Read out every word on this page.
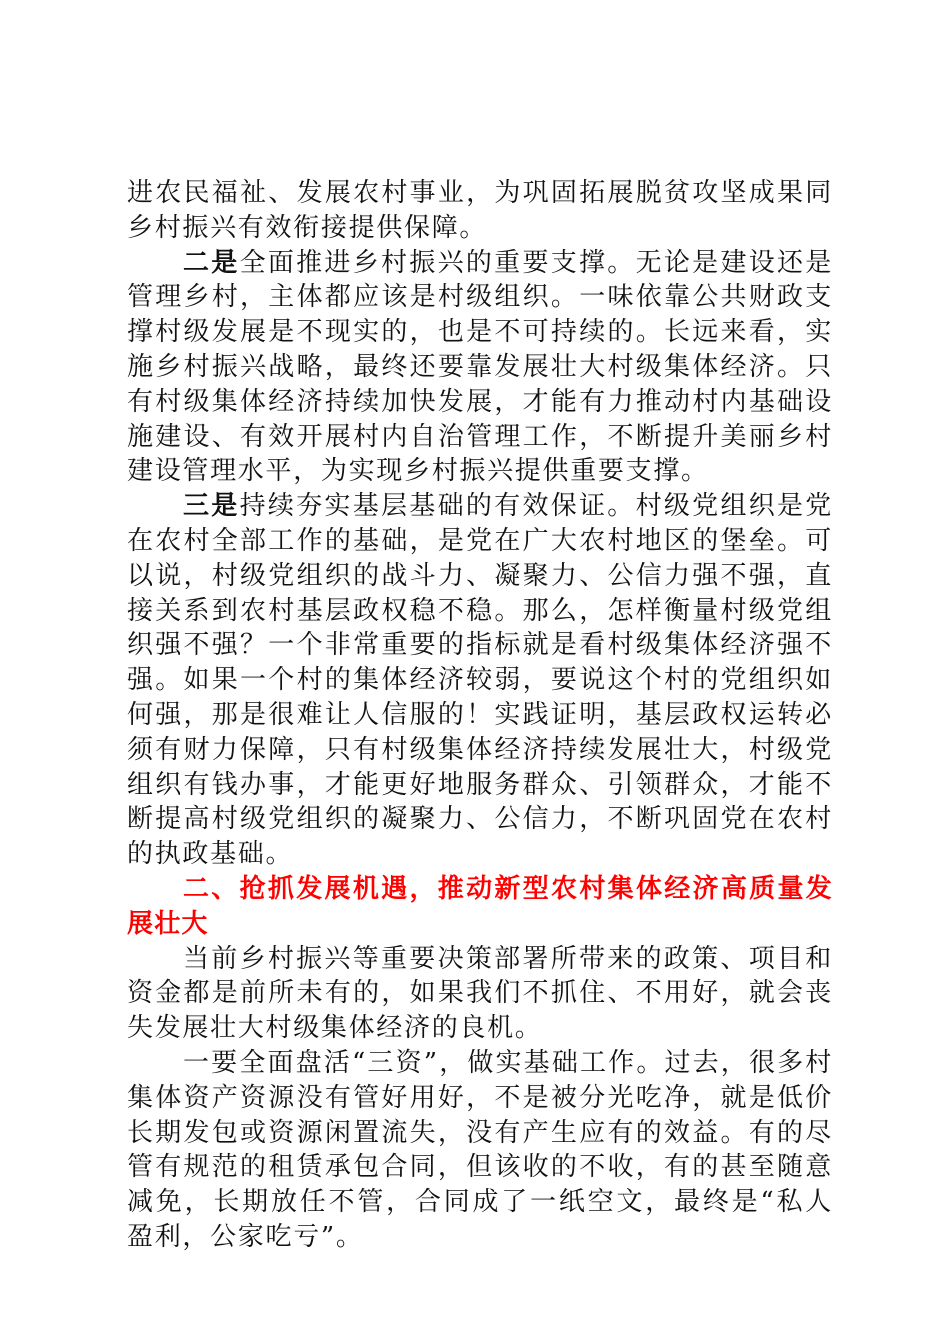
进农民福祉、发展农村事业，为巩固拓展脱贫攻坚成果同乡村振兴有效衔接提供保障。

二是全面推进乡村振兴的重要支撑。无论是建设还是管理乡村，主体都应该是村级组织。一味依靠公共财政支撑村级发展是不现实的，也是不可持续的。长远来看，实施乡村振兴战略，最终还要靠发展壮大村级集体经济。只有村级集体经济持续加快发展，才能有力推动村内基础设施建设、有效开展村内自治管理工作，不断提升美丽乡村建设管理水平，为实现乡村振兴提供重要支撑。

三是持续夯实基层基础的有效保证。村级党组织是党在农村全部工作的基础，是党在广大农村地区的堡垒。可以说，村级党组织的战斗力、凝聚力、公信力强不强，直接关系到农村基层政权稳不稳。那么，怎样衡量村级党组织强不强？一个非常重要的指标就是看村级集体经济强不强。如果一个村的集体经济较弱，要说这个村的党组织如何强，那是很难让人信服的！实践证明，基层政权运转必须有财力保障，只有村级集体经济持续发展壮大，村级党组织有钱办事，才能更好地服务群众、引领群众，才能不断提高村级党组织的凝聚力、公信力，不断巩固党在农村的执政基础。

二、抢抓发展机遇，推动新型农村集体经济高质量发展壮大

当前乡村振兴等重要决策部署所带来的政策、项目和资金都是前所未有的，如果我们不抓住、不用好，就会丧失发展壮大村级集体经济的良机。

一要全面盘活“三资”，做实基础工作。过去，很多村集体资产资源没有管好用好，不是被分光吃净，就是低价长期发包或资源闲置流失，没有产生应有的效益。有的尽管有规范的租赁承包合同，但该收的不收，有的甚至随意减免，长期放任不管，合同成了一纸空文，最终是“私人盈利，公家吃亏”。
